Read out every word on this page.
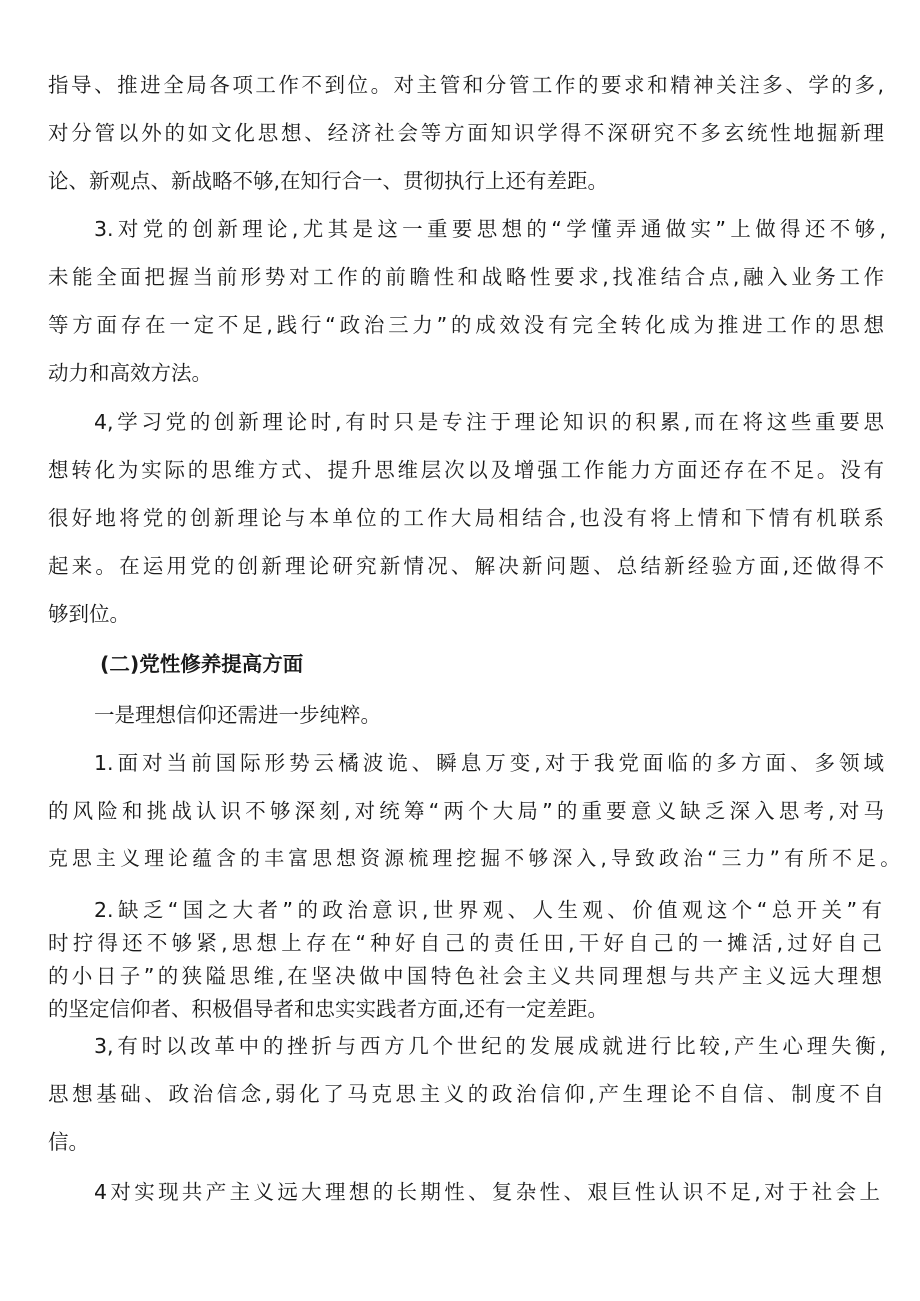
指导、推进全局各项工作不到位。对主管和分管工作的要求和精神关注多、学的多,
对分管以外的如文化思想、经济社会等方面知识学得不深研究不多玄统性地掘新理
论、新观点、新战略不够,在知行合一、贯彻执行上还有差距。
3.对党的创新理论,尤其是这一重要思想的“学懂弄通做实”上做得还不够,
未能全面把握当前形势对工作的前瞻性和战略性要求,找准结合点,融入业务工作
等方面存在一定不足,践行“政治三力”的成效没有完全转化成为推进工作的思想
动力和高效方法。
4,学习党的创新理论时,有时只是专注于理论知识的积累,而在将这些重要思
想转化为实际的思维方式、提升思维层次以及增强工作能力方面还存在不足。没有
很好地将党的创新理论与本单位的工作大局相结合,也没有将上情和下情有机联系
起来。在运用党的创新理论研究新情况、解决新问题、总结新经验方面,还做得不
够到位。
(二)党性修养提高方面
一是理想信仰还需进一步纯粹。
1.面对当前国际形势云橘波诡、瞬息万变,对于我党面临的多方面、多领域
的风险和挑战认识不够深刻,对统筹“两个大局”的重要意义缺乏深入思考,对马
克思主义理论蕴含的丰富思想资源梳理挖掘不够深入,导致政治“三力”有所不足。
2.缺乏“国之大者”的政治意识,世界观、人生观、价值观这个“总开关”有
时拧得还不够紧,思想上存在“种好自己的责任田,干好自己的一摊活,过好自己
的小日子”的狭隘思维,在坚决做中国特色社会主义共同理想与共产主义远大理想
的坚定信仰者、积极倡导者和忠实实践者方面,还有一定差距。
3,有时以改革中的挫折与西方几个世纪的发展成就进行比较,产生心理失衡,
思想基础、政治信念,弱化了马克思主义的政治信仰,产生理论不自信、制度不自
信。
4对实现共产主义远大理想的长期性、复杂性、艰巨性认识不足,对于社会上
